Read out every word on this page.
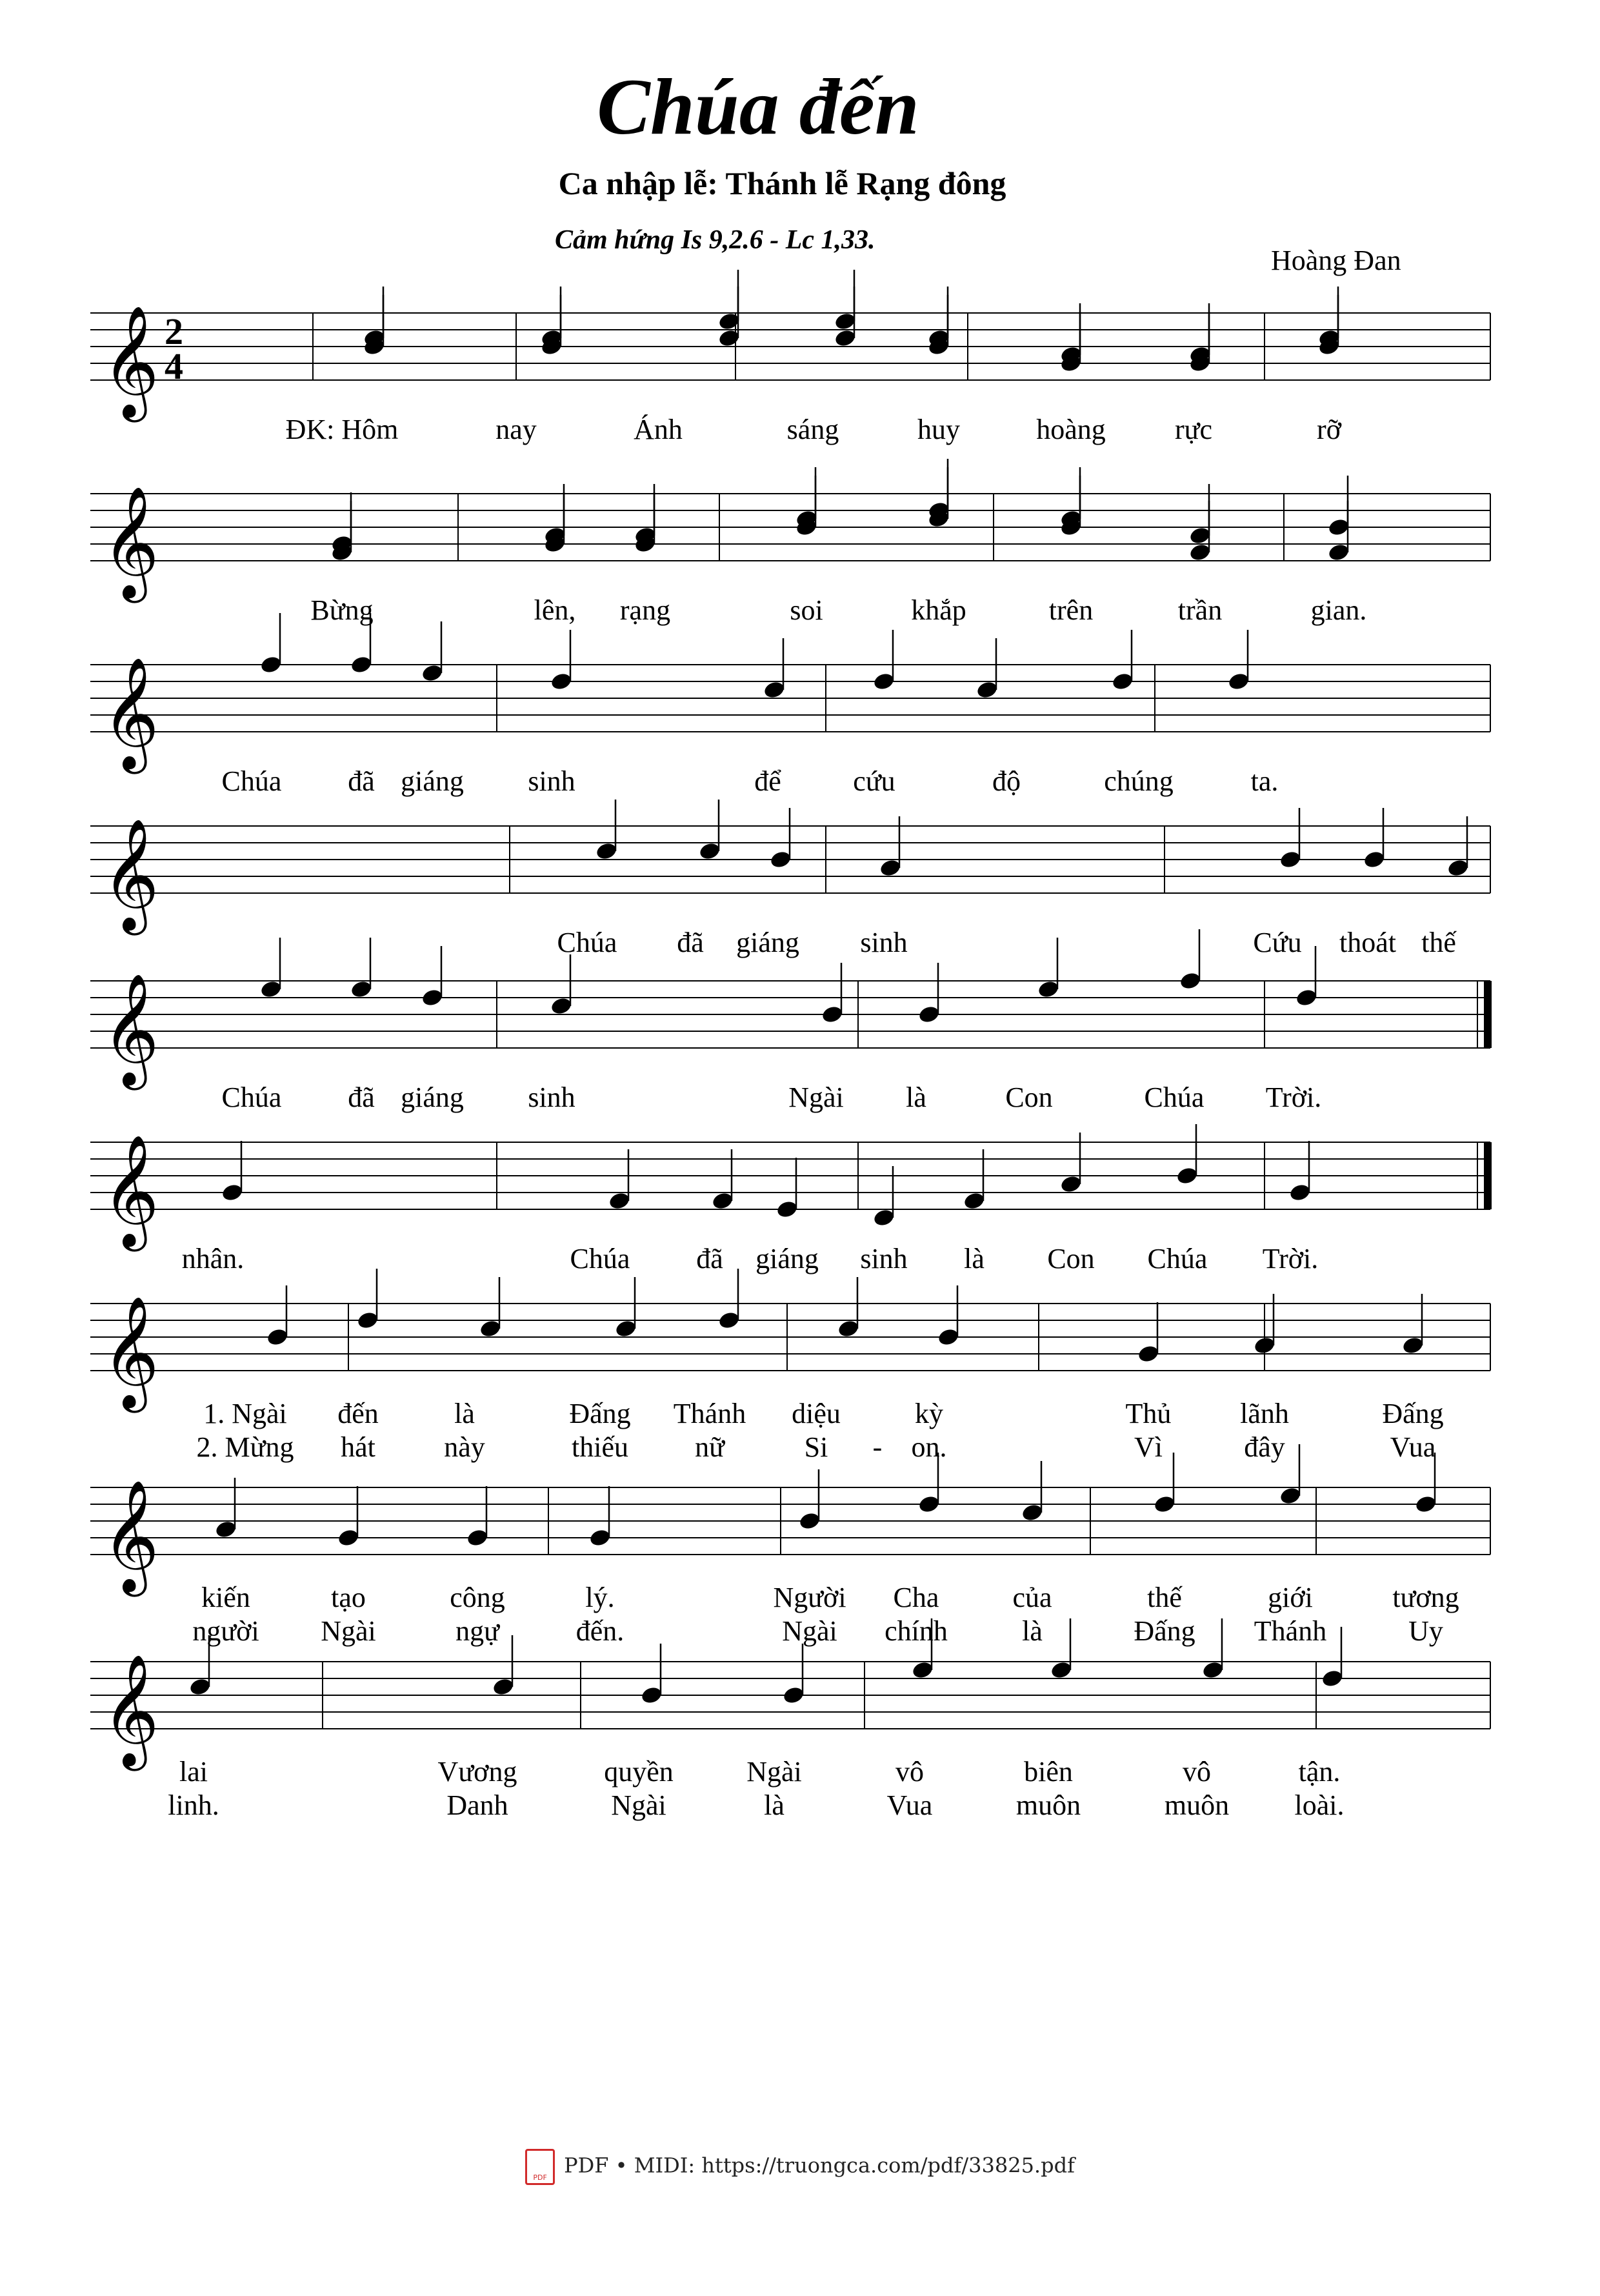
Chúa đến
Ca nhập lễ: Thánh lễ Rạng đông
Cảm hứng Is 9,2.6 - Lc 1,33.
Hoàng Đan
𝄞 2
4
ĐK: Hôm	nay	Ánh	sáng	huy	hoàng rực	rỡ
𝄞
Bừng	lên, rạng	soi	khắp	trên	trần	gian.
𝄞
Chúa đã giáng sinh	để	cứu	độ	chúng	ta.
𝄞
Chúa đã giáng sinh	Cứu thoát thế
𝄞
Chúa đã giáng sinh	Ngài là	Con	Chúa Trời.
𝄞
nhân.	Chúa đã giáng sinh là Con Chúa Trời.
𝄞
1. Ngài đến	là	Đấng Thánh diệu	kỳ	Thủ lãnh	Đấng
2. Mừng hát này	thiếu nữ	Si - on.	Vì	đây	Vua
𝄞
kiến	tạo	công	lý.	Người Cha	của	thế	giới	tương
người Ngài	ngự	đến.	Ngài chính	là	Đấng Thánh	Uy
𝄞
lai	Vương	quyền	Ngài	vô	biên	vô	tận.
linh.	Danh	Ngài	là	Vua	muôn	muôn loài.
PDFPDF • MIDI: https://truongca.com/pdf/33825.pdf
